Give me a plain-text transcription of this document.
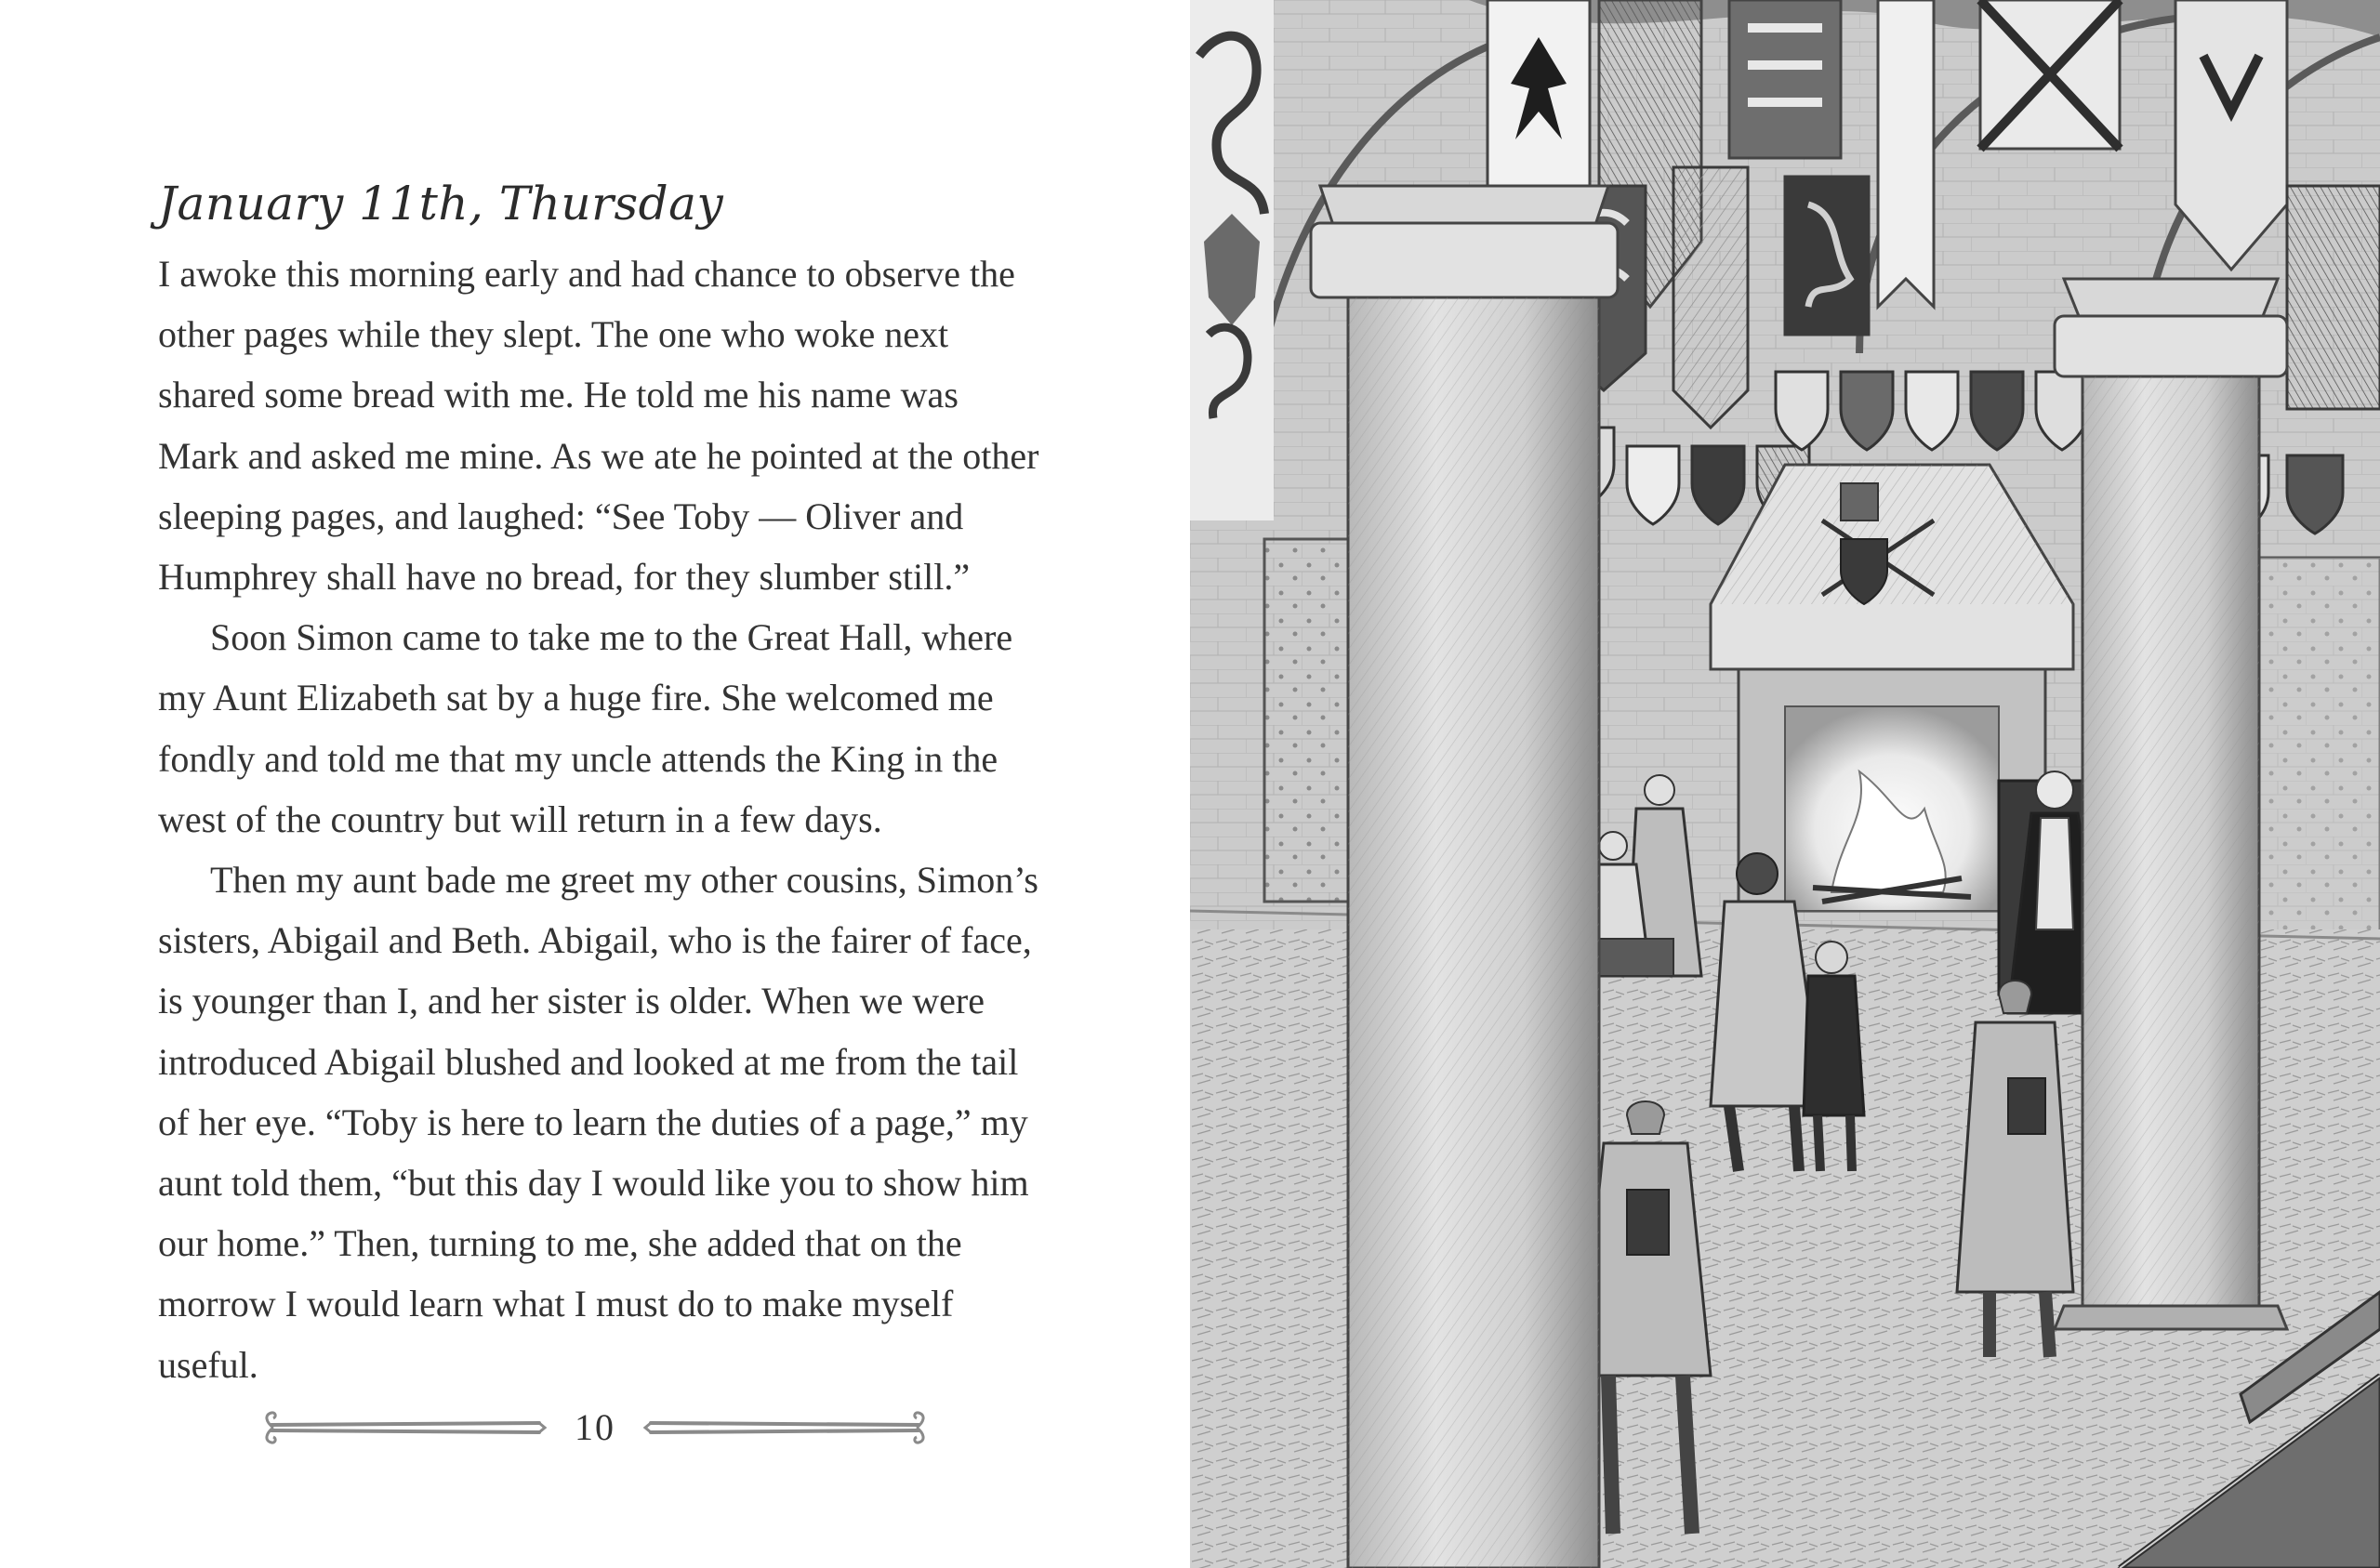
January 11th, Thursday

I awoke this morning early and had chance to observe the other pages while they slept. The one who woke next shared some bread with me. He told me his name was Mark and asked me mine. As we ate he pointed at the other sleeping pages, and laughed: “See Toby — Oliver and Humphrey shall have no bread, for they slumber still.”

Soon Simon came to take me to the Great Hall, where my Aunt Elizabeth sat by a huge fire. She welcomed me fondly and told me that my uncle attends the King in the west of the country but will return in a few days.

Then my aunt bade me greet my other cousins, Simon’s sisters, Abigail and Beth. Abigail, who is the fairer of face, is younger than I, and her sister is older. When we were introduced Abigail blushed and looked at me from the tail of her eye. “Toby is here to learn the duties of a page,” my aunt told them, “but this day I would like you to show him our home.” Then, turning to me, she added that on the morrow I would learn what I must do to make myself useful.

10
